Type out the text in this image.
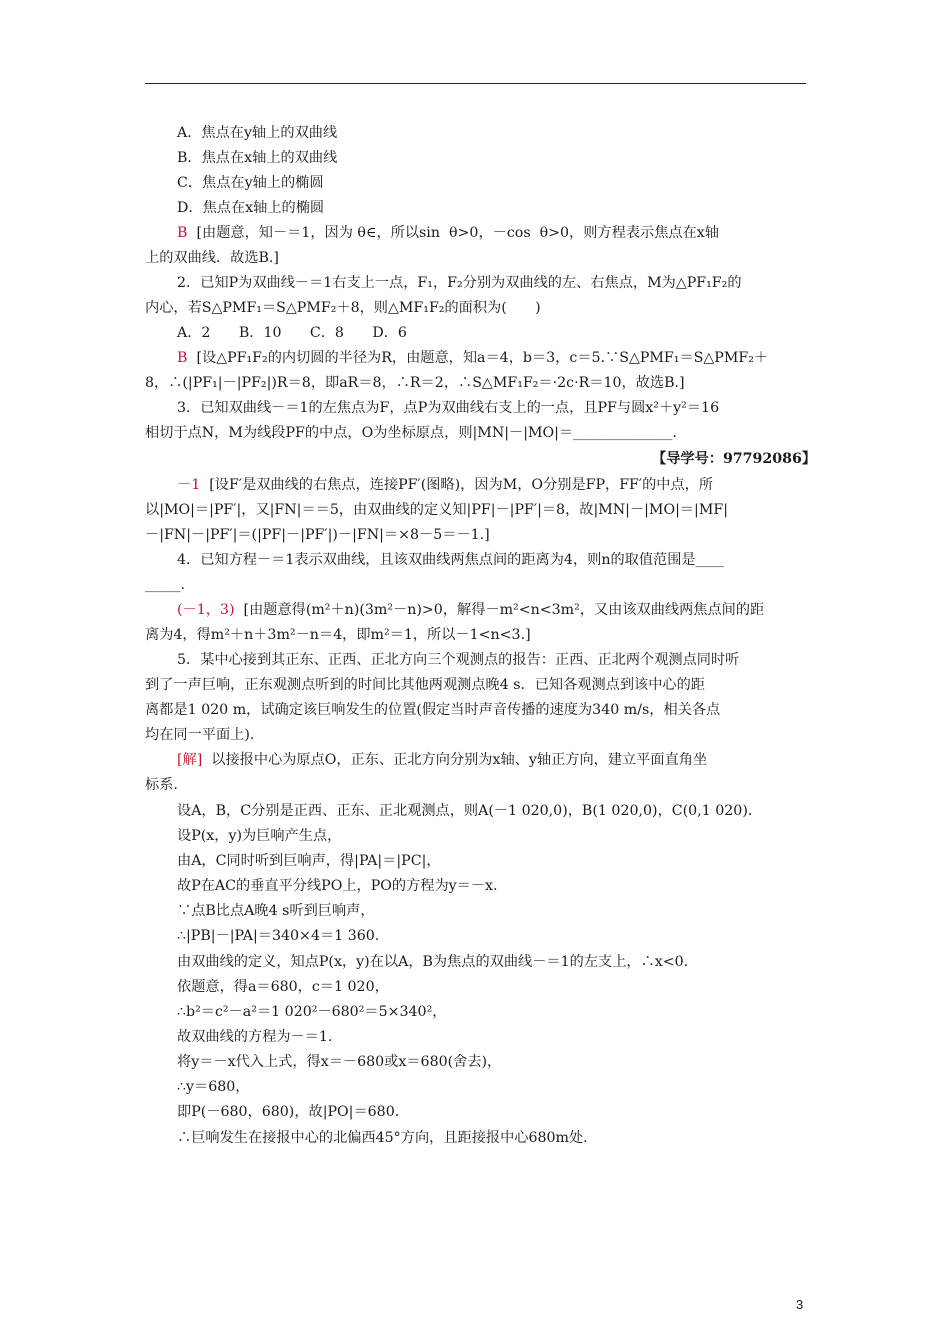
A．焦点在y轴上的双曲线
B．焦点在x轴上的双曲线
C．焦点在y轴上的椭圆
D．焦点在x轴上的椭圆
B [由题意，知－＝1，因为 θ∈，所以sin  θ>0，－cos  θ>0，则方程表示焦点在x轴
上的双曲线．故选B.]
2．已知P为双曲线－＝1右支上一点，F₁，F₂分别为双曲线的左、右焦点，M为△PF₁F₂的
内心，若S△PMF₁＝S△PMF₂＋8，则△MF₁F₂的面积为(　　)
A．2　　B．10　　C．8　　D．6
B [设△PF₁F₂的内切圆的半径为R，由题意，知a＝4，b＝3，c＝5.∵S△PMF₁＝S△PMF₂＋
8，∴(|PF₁|－|PF₂|)R＝8，即aR＝8，∴R＝2，∴S△MF₁F₂＝·2c·R＝10，故选B.]
3．已知双曲线－＝1的左焦点为F，点P为双曲线右支上的一点，且PF与圆x²＋y²＝16
相切于点N，M为线段PF的中点，O为坐标原点，则|MN|－|MO|＝______________.
【导学号：97792086】
－1 [设F′是双曲线的右焦点，连接PF′(图略)，因为M，O分别是FP，FF′的中点，所
以|MO|＝|PF′|，又|FN|＝＝5，由双曲线的定义知|PF|－|PF′|＝8，故|MN|－|MO|＝|MF|
－|FN|－|PF′|＝(|PF|－|PF′|)－|FN|＝×8－5＝－1.]
4．已知方程－＝1表示双曲线，且该双曲线两焦点间的距离为4，则n的取值范围是____
_____.
(－1，3) [由题意得(m²＋n)(3m²－n)>0，解得－m²<n<3m²，又由该双曲线两焦点间的距
离为4，得m²＋n＋3m²－n＝4，即m²＝1，所以－1<n<3.]
5．某中心接到其正东、正西、正北方向三个观测点的报告：正西、正北两个观测点同时听
到了一声巨响，正东观测点听到的时间比其他两观测点晚4 s．已知各观测点到该中心的距
离都是1 020 m，试确定该巨响发生的位置(假定当时声音传播的速度为340 m/s，相关各点
均在同一平面上).
[解] 以接报中心为原点O，正东、正北方向分别为x轴、y轴正方向，建立平面直角坐
标系.
设A，B，C分别是正西、正东、正北观测点，则A(－1 020,0)，B(1 020,0)，C(0,1 020).
设P(x，y)为巨响产生点，
由A，C同时听到巨响声，得|PA|＝|PC|，
故P在AC的垂直平分线PO上，PO的方程为y＝－x.
∵点B比点A晚4 s听到巨响声，
∴|PB|－|PA|＝340×4＝1 360.
由双曲线的定义，知点P(x，y)在以A，B为焦点的双曲线－＝1的左支上，∴x<0.
依题意，得a＝680，c＝1 020，
∴b²＝c²－a²＝1 020²－680²＝5×340²，
故双曲线的方程为－＝1.
将y＝－x代入上式，得x＝－680或x＝680(舍去)，
∴y＝680，
即P(－680，680)，故|PO|＝680.
∴巨响发生在接报中心的北偏西45°方向，且距接报中心680m处.
3
